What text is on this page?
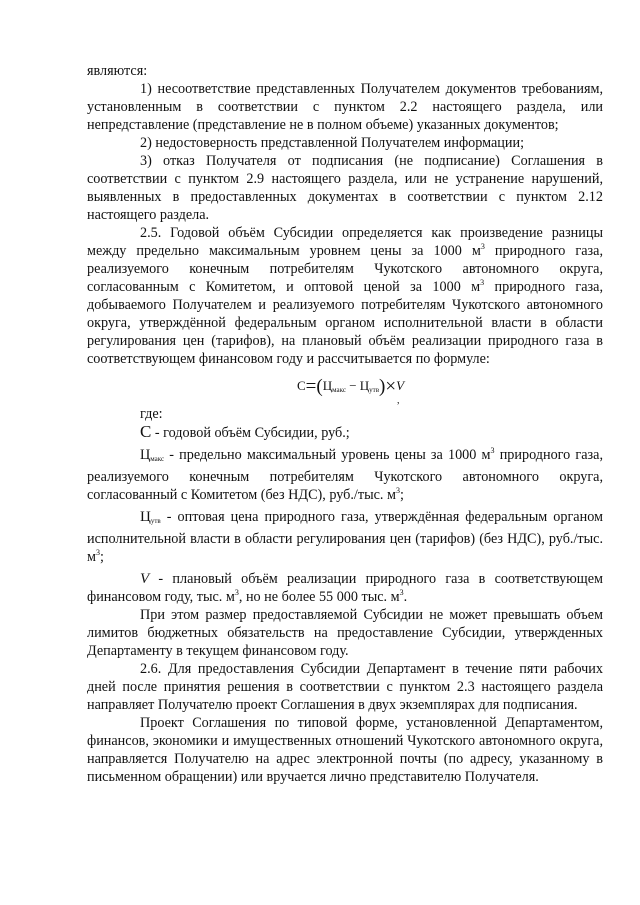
являются:

1) несоответствие представленных Получателем документов требованиям, установленным в соответствии с пунктом 2.2 настоящего раздела, или непредставление (представление не в полном объеме) указанных документов;

2) недостоверность представленной Получателем информации;

3) отказ Получателя от подписания (не подписание) Соглашения в соответствии с пунктом 2.9 настоящего раздела, или не устранение нарушений, выявленных в предоставленных документах в соответствии с пунктом 2.12 настоящего раздела.

2.5. Годовой объём Субсидии определяется как произведение разницы между предельно максимальным уровнем цены за 1000 $м^3$ природного газа, реализуемого конечным потребителям Чукотского автономного округа, согласованным с Комитетом, и оптовой ценой за 1000 $м^3$ природного газа, добываемого Получателем и реализуемого потребителям Чукотского автономного округа, утверждённой федеральным органом исполнительной власти в области регулирования цен (тарифов), на плановый объём реализации природного газа в соответствующем финансовом году и рассчитывается по формуле:

$С=(Ц_{макс} - Ц_{утв})\times V$
,

где:

С - годовой объём Субсидии, руб.;

$Ц_{макс}$ - предельно максимальный уровень цены за 1000 $м^3$ природного газа, реализуемого конечным потребителям Чукотского автономного округа, согласованный с Комитетом (без НДС), руб./тыс. $м^3$;

$Ц_{утв}$ - оптовая цена природного газа, утверждённая федеральным органом исполнительной власти в области регулирования цен (тарифов) (без НДС), руб./тыс. $м^3$;

V - плановый объём реализации природного газа в соответствующем финансовом году, тыс. $м^3$, но не более 55 000 тыс. $м^3$.

При этом размер предоставляемой Субсидии не может превышать объем лимитов бюджетных обязательств на предоставление Субсидии, утвержденных Департаменту в текущем финансовом году.

2.6. Для предоставления Субсидии Департамент в течение пяти рабочих дней после принятия решения в соответствии с пунктом 2.3 настоящего раздела направляет Получателю проект Соглашения в двух экземплярах для подписания.

Проект Соглашения по типовой форме, установленной Департаментом, финансов, экономики и имущественных отношений Чукотского автономного округа, направляется Получателю на адрес электронной почты (по адресу, указанному в письменном обращении) или вручается лично представителю Получателя.
